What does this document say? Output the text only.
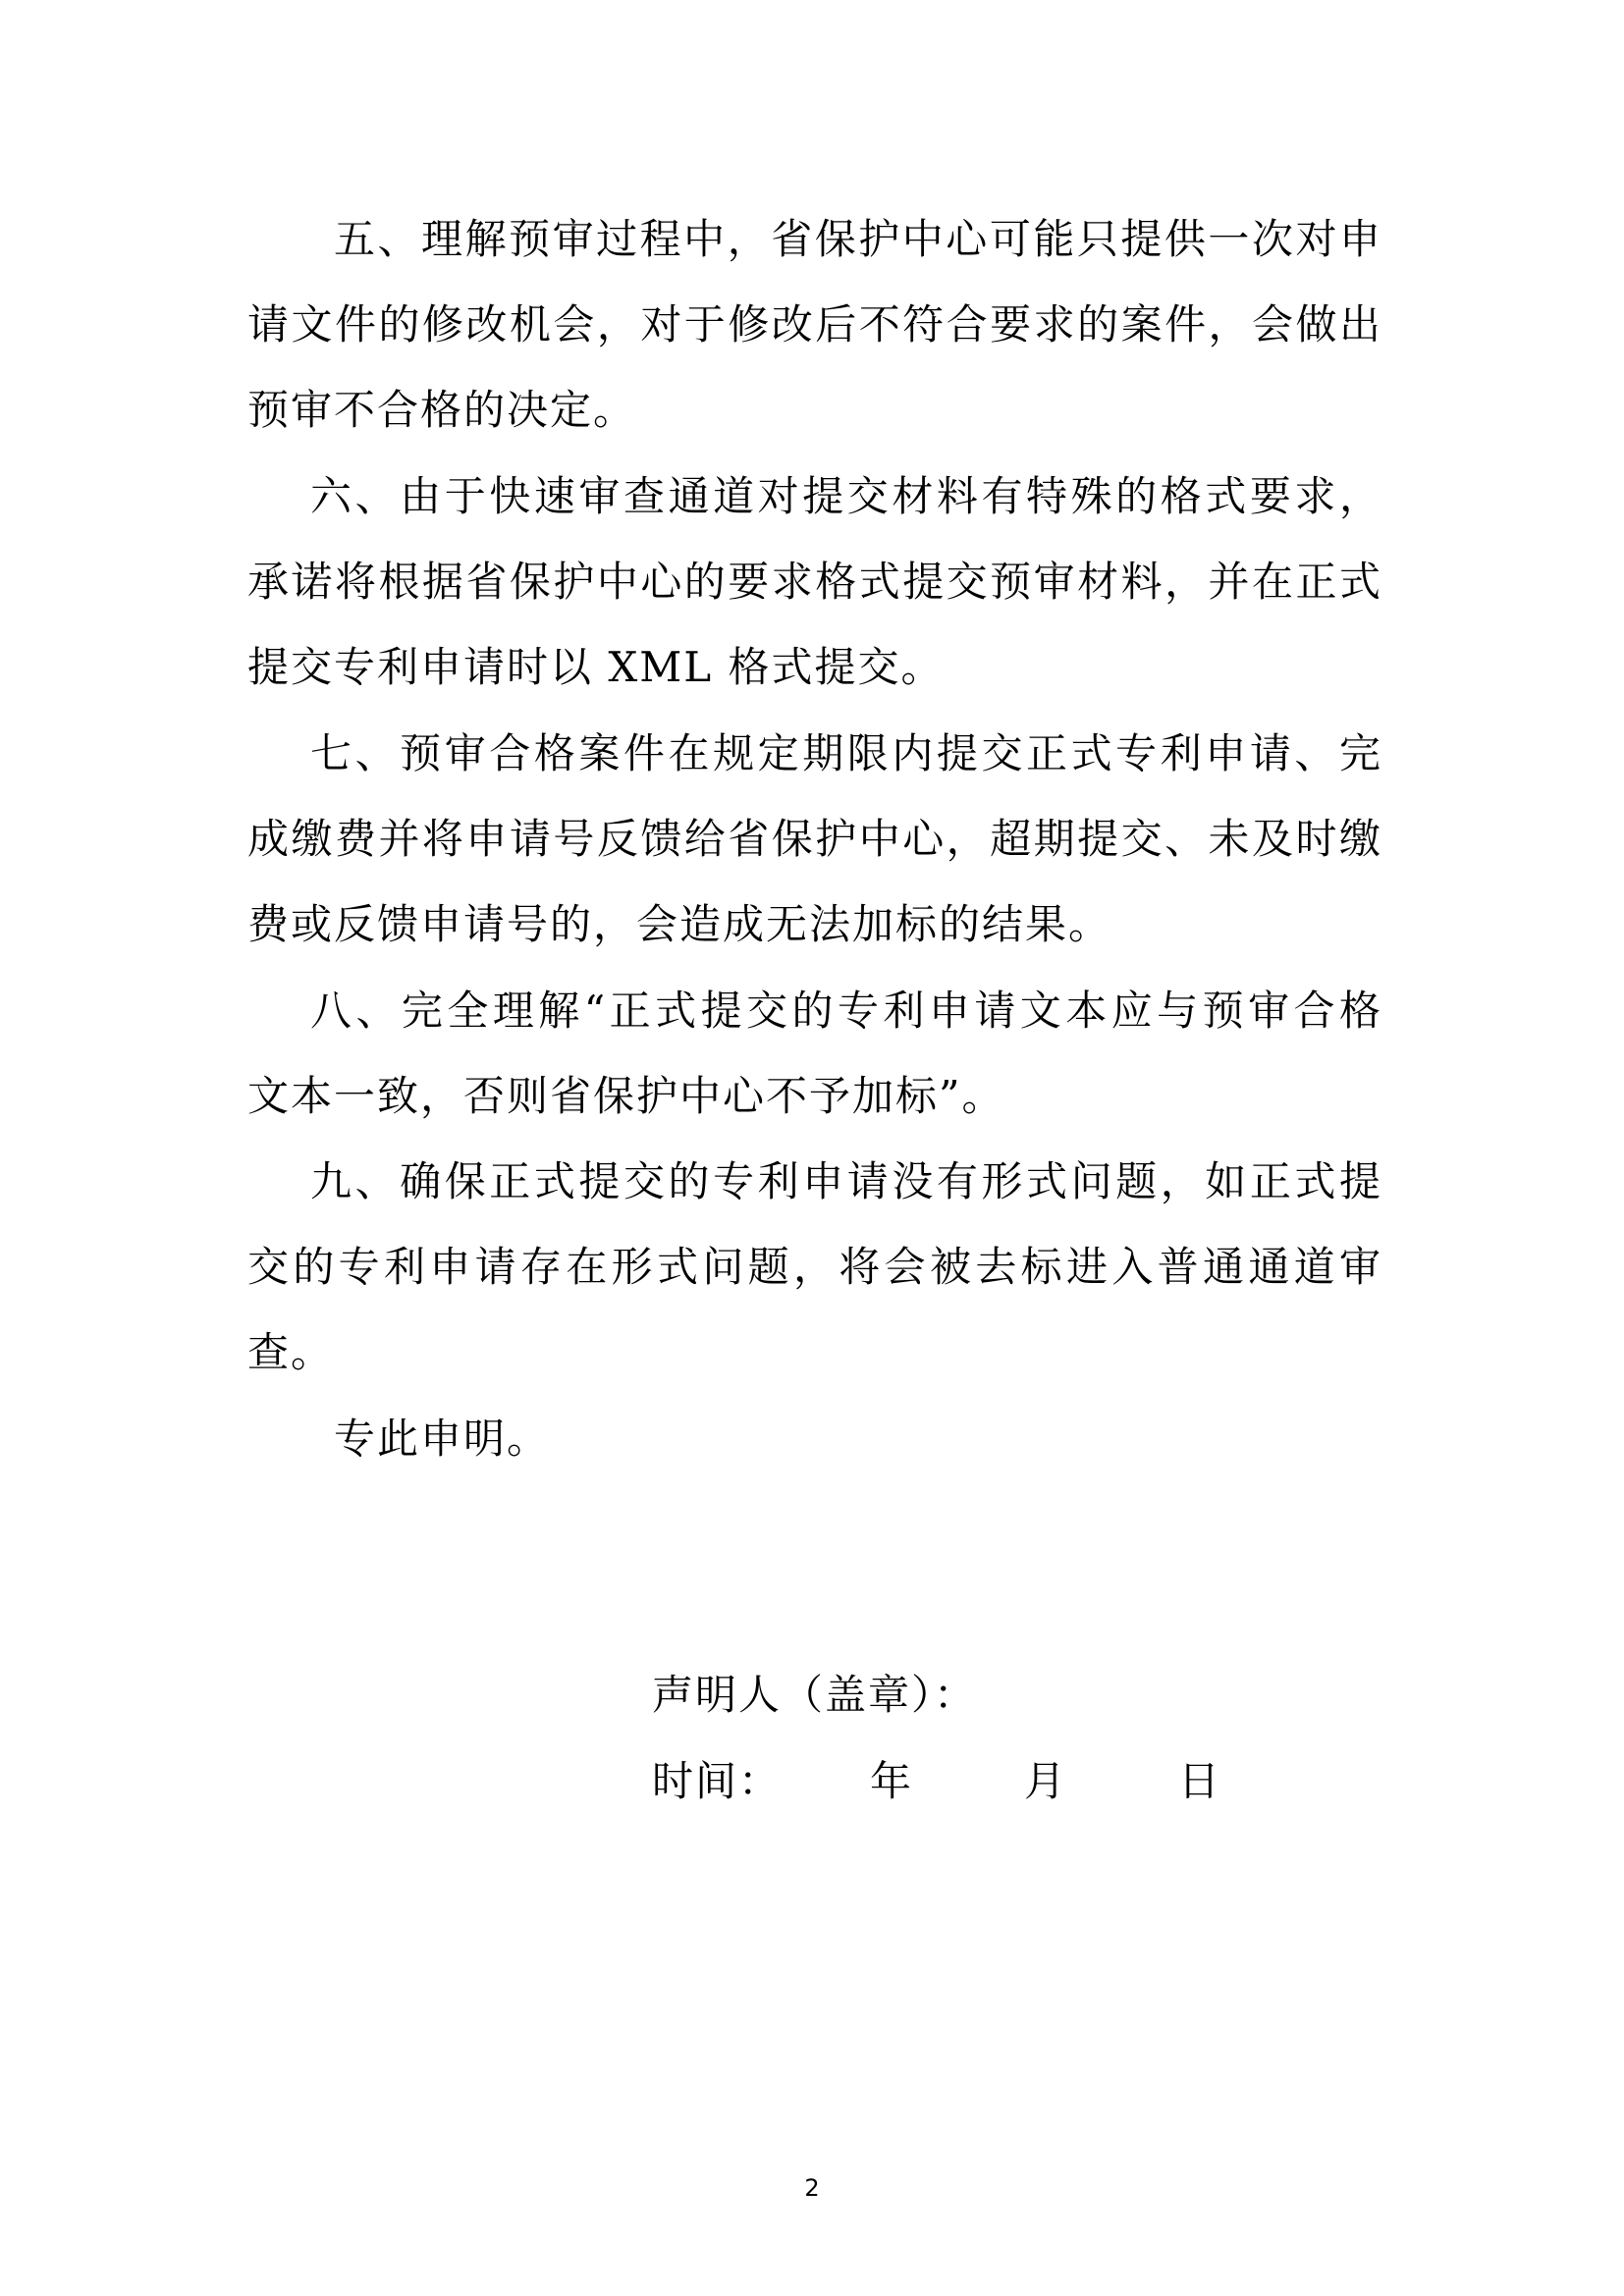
五、理解预审过程中，省保护中心可能只提供一次对申
请文件的修改机会，对于修改后不符合要求的案件，会做出
预审不合格的决定。
六、由于快速审查通道对提交材料有特殊的格式要求，
承诺将根据省保护中心的要求格式提交预审材料，并在正式
提交专利申请时以 XML 格式提交。
七、预审合格案件在规定期限内提交正式专利申请、完
成缴费并将申请号反馈给省保护中心，超期提交、未及时缴
费或反馈申请号的，会造成无法加标的结果。
八、完全理解“正式提交的专利申请文本应与预审合格
文本一致，否则省保护中心不予加标”。
九、确保正式提交的专利申请没有形式问题，如正式提
交的专利申请存在形式问题，将会被去标进入普通通道审
查。
专此申明。
声明人（盖章）：
时间： 年	月	日
2
